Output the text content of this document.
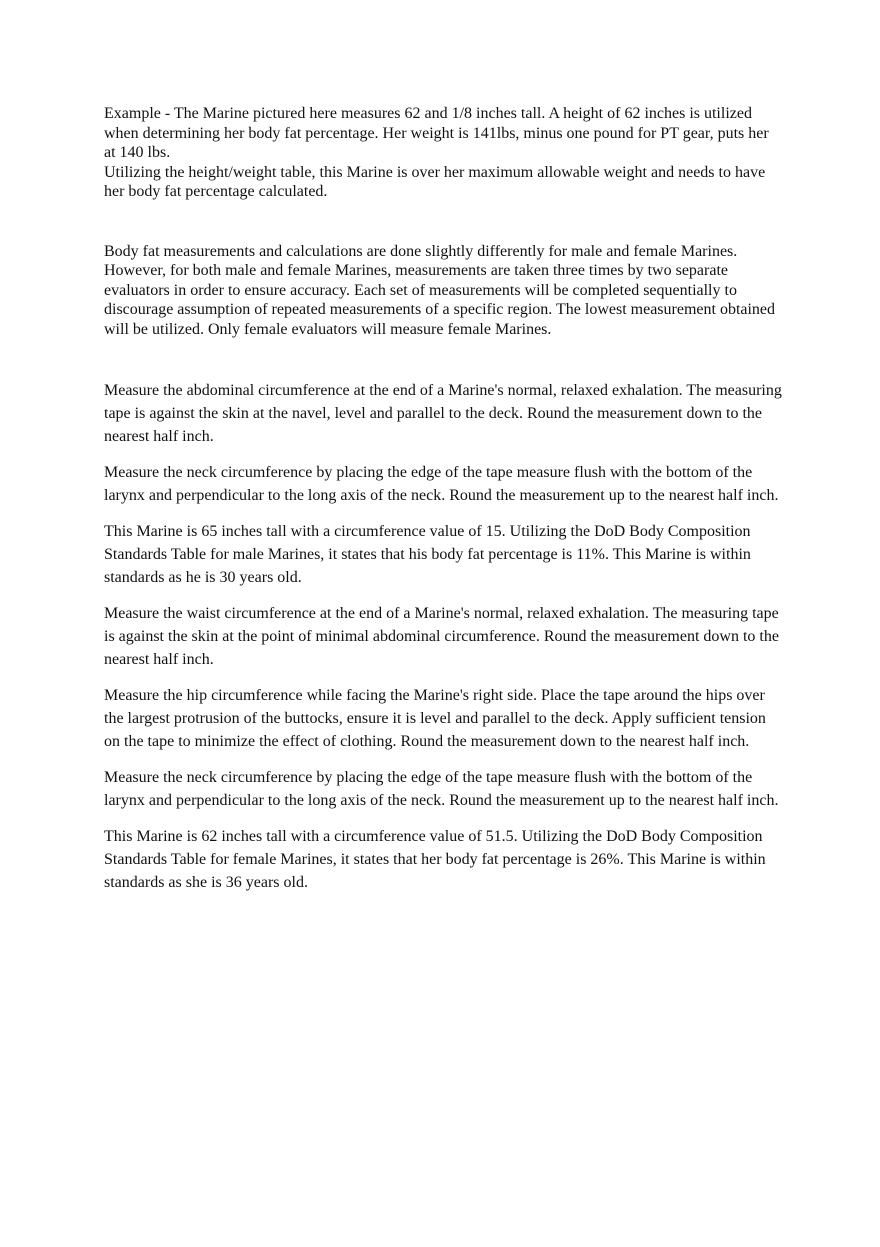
Example - The Marine pictured here measures 62 and 1/8 inches tall. A height of 62 inches is utilized when determining her body fat percentage. Her weight is 141lbs, minus one pound for PT gear, puts her at 140 lbs.

Utilizing the height/weight table, this Marine is over her maximum allowable weight and needs to have her body fat percentage calculated.

Body fat measurements and calculations are done slightly differently for male and female Marines.

However, for both male and female Marines, measurements are taken three times by two separate evaluators in order to ensure accuracy. Each set of measurements will be completed sequentially to discourage assumption of repeated measurements of a specific region. The lowest measurement obtained will be utilized. Only female evaluators will measure female Marines.

Measure the abdominal circumference at the end of a Marine's normal, relaxed exhalation. The measuring tape is against the skin at the navel, level and parallel to the deck. Round the measurement down to the nearest half inch.

Measure the neck circumference by placing the edge of the tape measure flush with the bottom of the larynx and perpendicular to the long axis of the neck. Round the measurement up to the nearest half inch.

This Marine is 65 inches tall with a circumference value of 15. Utilizing the DoD Body Composition Standards Table for male Marines, it states that his body fat percentage is 11%. This Marine is within standards as he is 30 years old.

Measure the waist circumference at the end of a Marine's normal, relaxed exhalation. The measuring tape is against the skin at the point of minimal abdominal circumference. Round the measurement down to the nearest half inch.

Measure the hip circumference while facing the Marine's right side. Place the tape around the hips over the largest protrusion of the buttocks, ensure it is level and parallel to the deck. Apply sufficient tension on the tape to minimize the effect of clothing. Round the measurement down to the nearest half inch.

Measure the neck circumference by placing the edge of the tape measure flush with the bottom of the larynx and perpendicular to the long axis of the neck. Round the measurement up to the nearest half inch.

This Marine is 62 inches tall with a circumference value of 51.5. Utilizing the DoD Body Composition Standards Table for female Marines, it states that her body fat percentage is 26%. This Marine is within standards as she is 36 years old.
